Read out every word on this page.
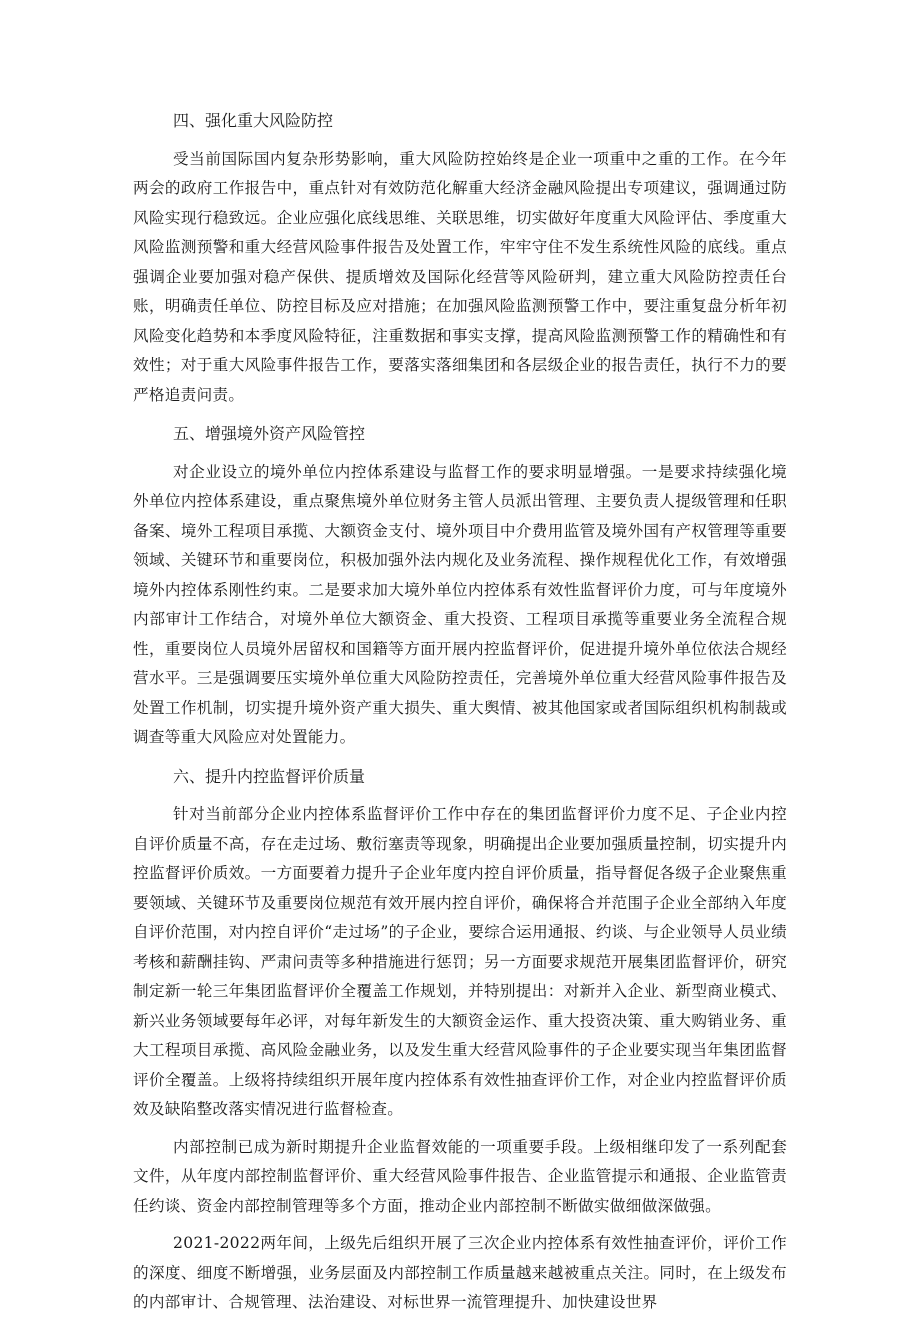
四、强化重大风险防控

受当前国际国内复杂形势影响，重大风险防控始终是企业一项重中之重的工作。在今年两会的政府工作报告中，重点针对有效防范化解重大经济金融风险提出专项建议，强调通过防风险实现行稳致远。企业应强化底线思维、关联思维，切实做好年度重大风险评估、季度重大风险监测预警和重大经营风险事件报告及处置工作，牢牢守住不发生系统性风险的底线。重点强调企业要加强对稳产保供、提质增效及国际化经营等风险研判，建立重大风险防控责任台账，明确责任单位、防控目标及应对措施；在加强风险监测预警工作中，要注重复盘分析年初风险变化趋势和本季度风险特征，注重数据和事实支撑，提高风险监测预警工作的精确性和有效性；对于重大风险事件报告工作，要落实落细集团和各层级企业的报告责任，执行不力的要严格追责问责。

五、增强境外资产风险管控

对企业设立的境外单位内控体系建设与监督工作的要求明显增强。一是要求持续强化境外单位内控体系建设，重点聚焦境外单位财务主管人员派出管理、主要负责人提级管理和任职备案、境外工程项目承揽、大额资金支付、境外项目中介费用监管及境外国有产权管理等重要领域、关键环节和重要岗位，积极加强外法内规化及业务流程、操作规程优化工作，有效增强境外内控体系刚性约束。二是要求加大境外单位内控体系有效性监督评价力度，可与年度境外内部审计工作结合，对境外单位大额资金、重大投资、工程项目承揽等重要业务全流程合规性，重要岗位人员境外居留权和国籍等方面开展内控监督评价，促进提升境外单位依法合规经营水平。三是强调要压实境外单位重大风险防控责任，完善境外单位重大经营风险事件报告及处置工作机制，切实提升境外资产重大损失、重大舆情、被其他国家或者国际组织机构制裁或调查等重大风险应对处置能力。

六、提升内控监督评价质量

针对当前部分企业内控体系监督评价工作中存在的集团监督评价力度不足、子企业内控自评价质量不高，存在走过场、敷衍塞责等现象，明确提出企业要加强质量控制，切实提升内控监督评价质效。一方面要着力提升子企业年度内控自评价质量，指导督促各级子企业聚焦重要领域、关键环节及重要岗位规范有效开展内控自评价，确保将合并范围子企业全部纳入年度自评价范围，对内控自评价“走过场”的子企业，要综合运用通报、约谈、与企业领导人员业绩考核和薪酬挂钩、严肃问责等多种措施进行惩罚；另一方面要求规范开展集团监督评价，研究制定新一轮三年集团监督评价全覆盖工作规划，并特别提出：对新并入企业、新型商业模式、新兴业务领域要每年必评，对每年新发生的大额资金运作、重大投资决策、重大购销业务、重大工程项目承揽、高风险金融业务，以及发生重大经营风险事件的子企业要实现当年集团监督评价全覆盖。上级将持续组织开展年度内控体系有效性抽查评价工作，对企业内控监督评价质效及缺陷整改落实情况进行监督检查。

内部控制已成为新时期提升企业监督效能的一项重要手段。上级相继印发了一系列配套文件，从年度内部控制监督评价、重大经营风险事件报告、企业监管提示和通报、企业监管责任约谈、资金内部控制管理等多个方面，推动企业内部控制不断做实做细做深做强。

2021-2022两年间，上级先后组织开展了三次企业内控体系有效性抽查评价，评价工作的深度、细度不断增强，业务层面及内部控制工作质量越来越被重点关注。同时，在上级发布的内部审计、合规管理、法治建设、对标世界一流管理提升、加快建设世界
